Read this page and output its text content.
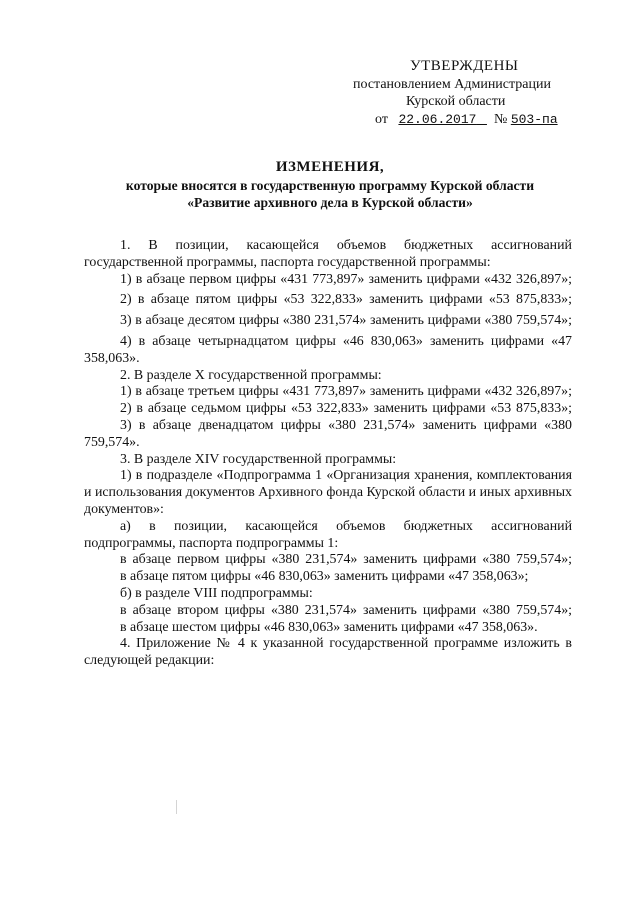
УТВЕРЖДЕНЫ
постановлением Администрации
Курской области
от 22.06.2017 № 503-па
ИЗМЕНЕНИЯ,
которые вносятся в государственную программу Курской области
«Развитие архивного дела в Курской области»

1. В позиции, касающейся объемов бюджетных ассигнований государственной программы, паспорта государственной программы:

1) в абзаце первом цифры «431 773,897» заменить цифрами «432 326,897»;

2) в абзаце пятом цифры «53 322,833» заменить цифрами «53 875,833»;

3) в абзаце десятом цифры «380 231,574» заменить цифрами «380 759,574»;

4) в абзаце четырнадцатом цифры «46 830,063» заменить цифрами «47 358,063».

2. В разделе X государственной программы:

1) в абзаце третьем цифры «431 773,897» заменить цифрами «432 326,897»;

2) в абзаце седьмом цифры «53 322,833» заменить цифрами «53 875,833»;

3) в абзаце двенадцатом цифры «380 231,574» заменить цифрами «380 759,574».

3. В разделе XIV государственной программы:

1) в подразделе «Подпрограмма 1 «Организация хранения, комплектования и использования документов Архивного фонда Курской области и иных архивных документов»:

а) в позиции, касающейся объемов бюджетных ассигнований подпрограммы, паспорта подпрограммы 1:

в абзаце первом цифры «380 231,574» заменить цифрами «380 759,574»;

в абзаце пятом цифры «46 830,063» заменить цифрами «47 358,063»;

б) в разделе VIII подпрограммы:

в абзаце втором цифры «380 231,574» заменить цифрами «380 759,574»;

в абзаце шестом цифры «46 830,063» заменить цифрами «47 358,063».

4. Приложение № 4 к указанной государственной программе изложить в следующей редакции:
